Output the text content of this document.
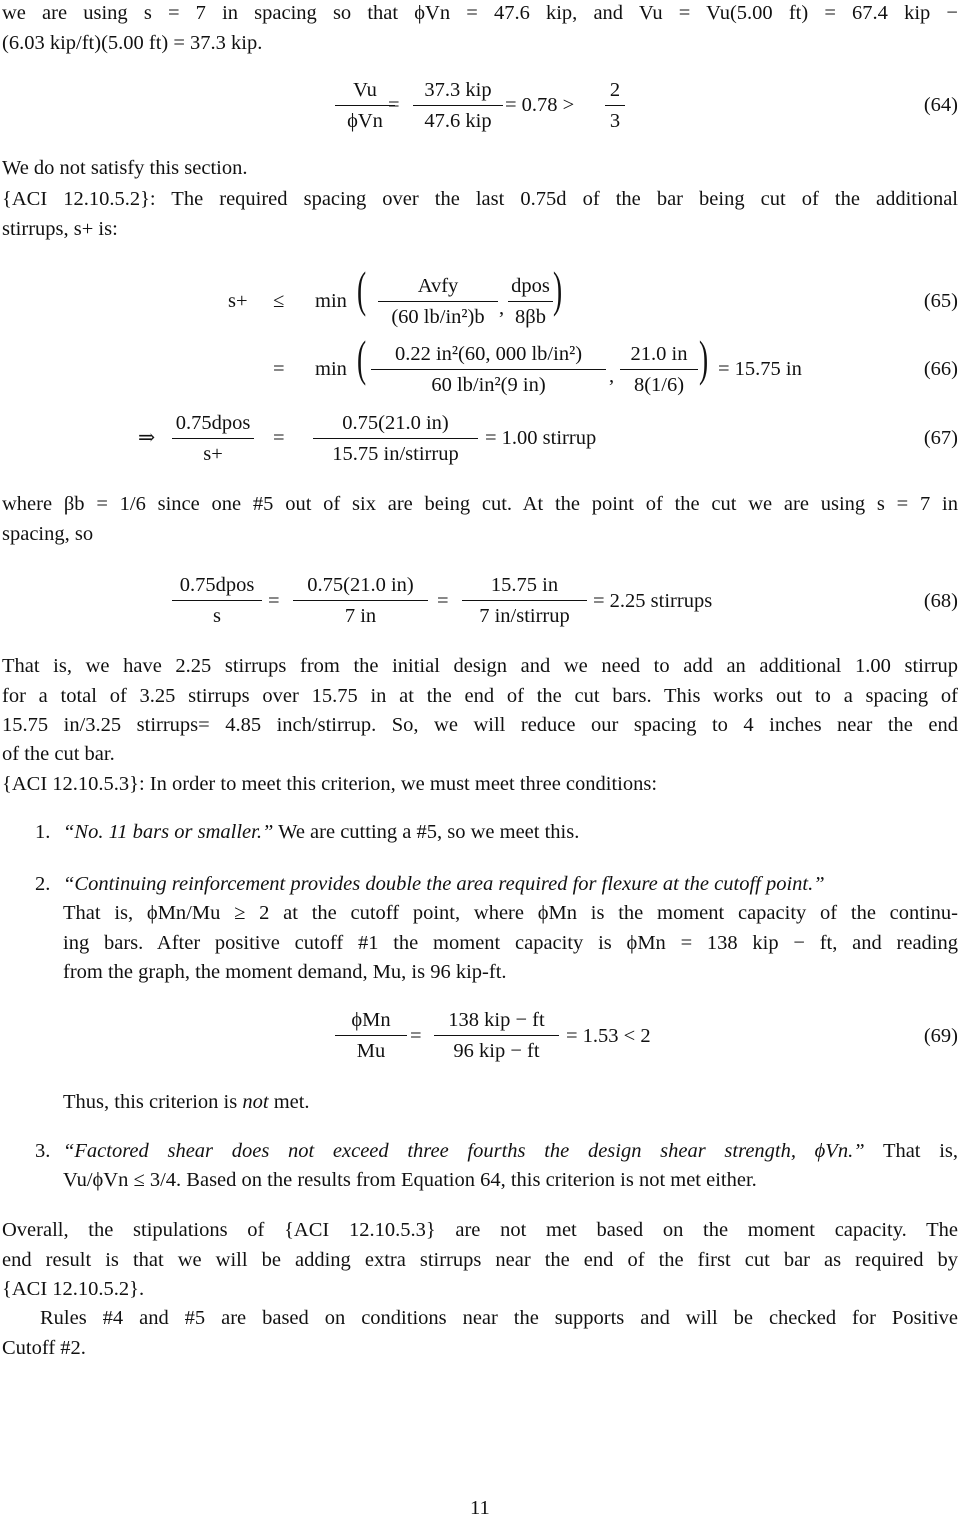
we are using s = 7 in spacing so that ϕVn = 47.6 kip, and Vu = Vu(5.00 ft) = 67.4 kip −
(6.03 kip/ft)(5.00 ft) = 37.3 kip.
Vu
ϕVn
=
37.3 kip
47.6 kip
= $0.78 > \frac{2}{3}$	(64)
We do not satisfy this section.
{ACI 12.10.5.2}: The required spacing over the last 0.75d of the bar being cut of the additional
stirrups, s+ is:
s+ ≤ min (	Avfy
(60 lb/in²)b ,
dpos
8βb )	(65)
= min ( $\frac{\text{0.22 in²(60, 000 lb/in²)}}{\text{60 lb/in²(9 in)}}$ , $\frac{21.0 in}{8(1/6)}$ ) = 15.75 in	(66)
⇒
0.75dpos
s+
=
0.75(21.0 in)
15.75 in/stirrup
= 1.00 stirrup	(67)
where βb = 1/6 since one #5 out of six are being cut. At the point of the cut we are using s = 7 in
spacing, so
0.75dpos
s
= $\frac{0.75(21.0 in)}{7 in}$ =
15.75 in
7 in/stirrup
= 2.25 stirrups	(68)
That is, we have 2.25 stirrups from the initial design and we need to add an additional 1.00 stirrup
for a total of 3.25 stirrups over 15.75 in at the end of the cut bars. This works out to a spacing of
15.75 in/3.25 stirrups= 4.85 inch/stirrup. So, we will reduce our spacing to 4 inches near the end
of the cut bar.
{ACI 12.10.5.3}: In order to meet this criterion, we must meet three conditions:
1. “No. 11 bars or smaller.” We are cutting a #5, so we meet this.
2. “Continuing reinforcement provides double the area required for flexure at the cutoff point.”
That is, ϕMn/Mu ≥ 2 at the cutoff point, where ϕMn is the moment capacity of the continu-
ing bars. After positive cutoff #1 the moment capacity is ϕMn = 138 kip − ft, and reading
from the graph, the moment demand, Mu, is 96 kip-ft.
ϕMn
Mu
=
138 kip − ft
96 kip − ft
= 1.53 < 2	(69)
Thus, this criterion is not met.
3. “Factored shear does not exceed three fourths the design shear strength, ϕVn.” That is,
Vu/ϕVn ≤ 3/4. Based on the results from Equation 64, this criterion is not met either.
Overall, the stipulations of {ACI 12.10.5.3} are not met based on the moment capacity. The
end result is that we will be adding extra stirrups near the end of the first cut bar as required by
{ACI 12.10.5.2}.
Rules #4 and #5 are based on conditions near the supports and will be checked for Positive
Cutoff #2.
11
